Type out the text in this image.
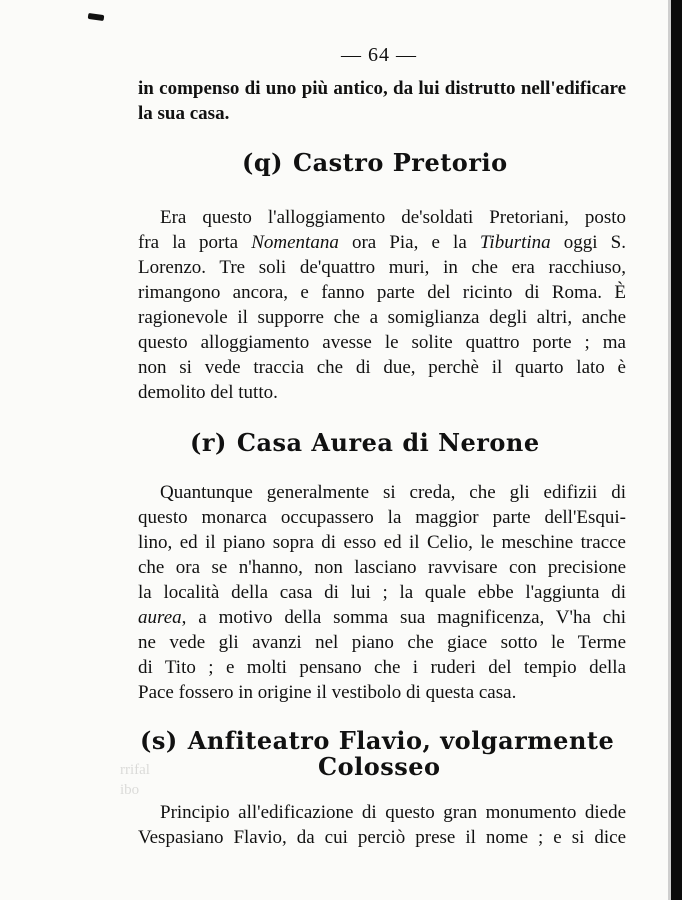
rrifal
ibo
— 64 —
in compenso di uno più antico, da lui distrutto nell'edificare
la sua casa.
(q) Castro Pretorio
Era questo l'alloggiamento de'soldati Pretoriani, posto
fra la porta Nomentana ora Pia, e la Tiburtina oggi S.
Lorenzo. Tre soli de'quattro muri, in che era racchiuso,
rimangono ancora, e fanno parte del ricinto di Roma. È
ragionevole il supporre che a somiglianza degli altri, anche
questo alloggiamento avesse le solite quattro porte ; ma
non si vede traccia che di due, perchè il quarto lato è
demolito del tutto.
(r) Casa Aurea di Nerone
Quantunque generalmente si creda, che gli edifizii di
questo monarca occupassero la maggior parte dell'Esqui-
lino, ed il piano sopra di esso ed il Celio, le meschine tracce
che ora se n'hanno, non lasciano ravvisare con precisione
la località della casa di lui ; la quale ebbe l'aggiunta di
aurea, a motivo della somma sua magnificenza, V'ha chi
ne vede gli avanzi nel piano che giace sotto le Terme
di Tito ; e molti pensano che i ruderi del tempio della
Pace fossero in origine il vestibolo di questa casa.
(s) Anfiteatro Flavio, volgarmente
Colosseo
Principio all'edificazione di questo gran monumento diede
Vespasiano Flavio, da cui perciò prese il nome ; e si dice
